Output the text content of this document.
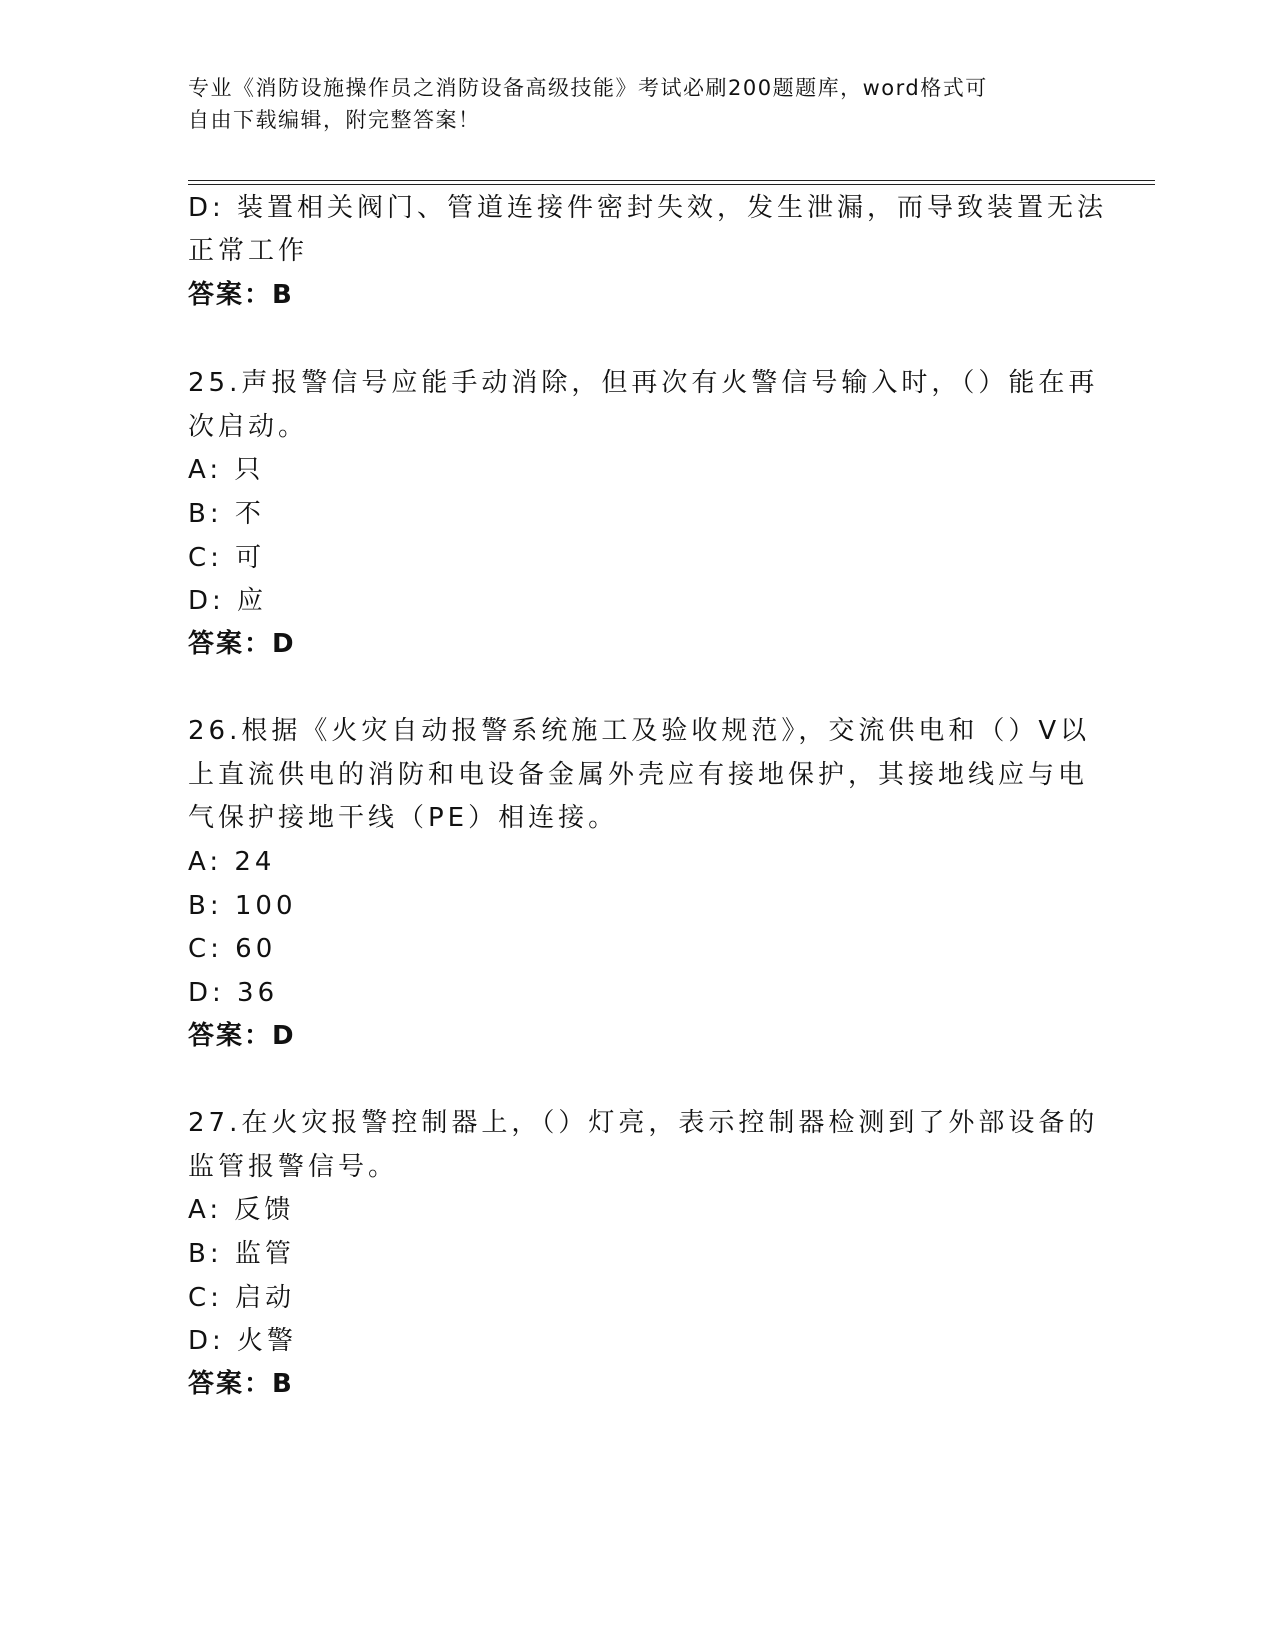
专业《消防设施操作员之消防设备高级技能》考试必刷200题题库，word格式可
自由下载编辑，附完整答案！
D: 装置相关阀门、管道连接件密封失效，发生泄漏，而导致装置无法
正常工作
答案：B
25.声报警信号应能手动消除，但再次有火警信号输入时，（）能在再
次启动。
A: 只
B: 不
C: 可
D: 应
答案：D
26.根据《火灾自动报警系统施工及验收规范》，交流供电和（）V以
上直流供电的消防和电设备金属外壳应有接地保护，其接地线应与电
气保护接地干线（PE）相连接。
A: 24
B: 100
C: 60
D: 36
答案：D
27.在火灾报警控制器上，（）灯亮，表示控制器检测到了外部设备的
监管报警信号。
A: 反馈
B: 监管
C: 启动
D: 火警
答案：B
